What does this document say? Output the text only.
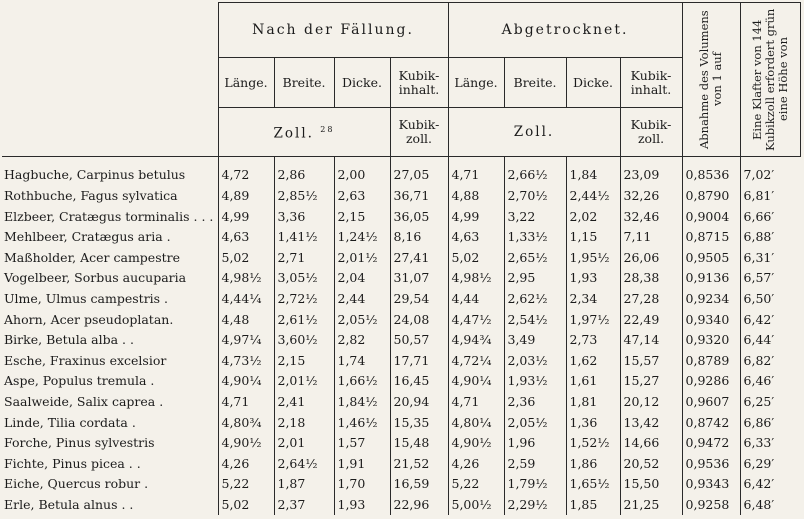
	Nach der Fällung.				Abgetrocknet.				Abnahme des Volumens von 1 auf	Eine Klafter von 144 Kubikzoll erfordert grün eine Höhe von

	Länge.	Breite.	Dicke.	Kubik-inhalt.	Länge.	Breite.	Dicke.	Kubik-inhalt.		
	Zoll. $^{28}$			Kubik-zoll.	Zoll.			Kubik-zoll.		
Hagbuche, Carpinus betulus	4,72	2,86	2,00	27,05	4,71	2,66½	1,84	23,09	0,8536	7,02′
Rothbuche, Fagus sylvatica	4,89	2,85½	2,63	36,71	4,88	2,70½	2,44½	32,26	0,8790	6,81′
Elzbeer, Cratægus torminalis . . .	4,99	3,36	2,15	36,05	4,99	3,22	2,02	32,46	0,9004	6,66′
Mehlbeer, Cratægus aria .	4,63	1,41½	1,24½	8,16	4,63	1,33½	1,15	7,11	0,8715	6,88′
Maßholder, Acer campestre	5,02	2,71	2,01½	27,41	5,02	2,65½	1,95½	26,06	0,9505	6,31′
Vogelbeer, Sorbus aucuparia	4,98½	3,05½	2,04	31,07	4,98½	2,95	1,93	28,38	0,9136	6,57′
Ulme, Ulmus campestris .	4,44¼	2,72½	2,44	29,54	4,44	2,62½	2,34	27,28	0,9234	6,50′
Ahorn, Acer pseudoplatan.	4,48	2,61½	2,05½	24,08	4,47½	2,54½	1,97½	22,49	0,9340	6,42′
Birke, Betula alba . .	4,97¼	3,60½	2,82	50,57	4,94¾	3,49	2,73	47,14	0,9320	6,44′
Esche, Fraxinus excelsior	4,73½	2,15	1,74	17,71	4,72¼	2,03½	1,62	15,57	0,8789	6,82′
Aspe, Populus tremula .	4,90¼	2,01½	1,66½	16,45	4,90¼	1,93½	1,61	15,27	0,9286	6,46′
Saalweide, Salix caprea .	4,71	2,41	1,84½	20,94	4,71	2,36	1,81	20,12	0,9607	6,25′
Linde, Tilia cordata .	4,80¾	2,18	1,46½	15,35	4,80¼	2,05½	1,36	13,42	0,8742	6,86′
Forche, Pinus sylvestris	4,90½	2,01	1,57	15,48	4,90½	1,96	1,52½	14,66	0,9472	6,33′
Fichte, Pinus picea . .	4,26	2,64½	1,91	21,52	4,26	2,59	1,86	20,52	0,9536	6,29′
Eiche, Quercus robur .	5,22	1,87	1,70	16,59	5,22	1,79½	1,65½	15,50	0,9343	6,42′
Erle, Betula alnus . .	5,02	2,37	1,93	22,96	5,00½	2,29½	1,85	21,25	0,9258	6,48′
